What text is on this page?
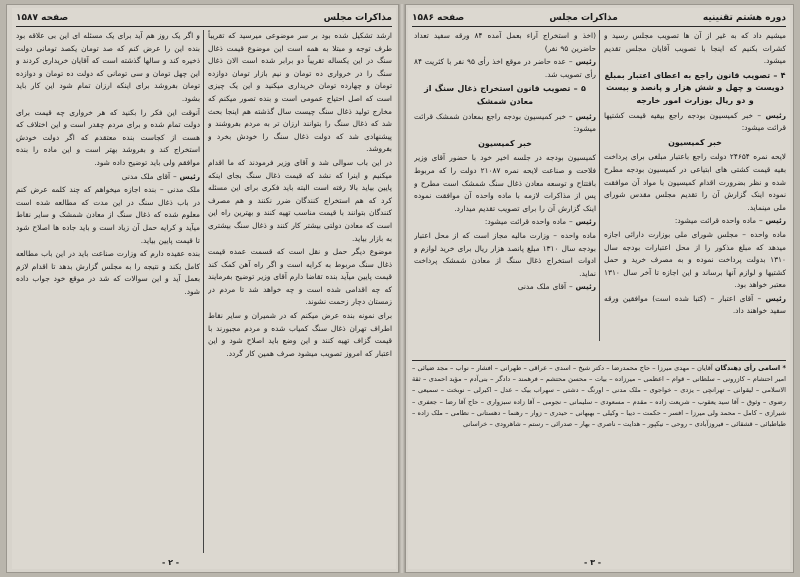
مذاکرات مجلس
صفحه ۱۵۸۷
ارشد تشکیل شده بود بر سر موضوعی میرسید که تقریباً طرف توجه و مبتلا به همه است این موضوع قیمت ذغال سنگ در این یکساله تقریباً دو برابر شده است الان ذغال سنگ را در خرواری ده تومان و نیم بازار تومان دوازده تومان و چهارده تومان خریداری میکنید و این یک چیزی است که اصل احتیاج عمومی است و بنده تصور میکنم که مخارج تولید ذغال سنگ چیست سال گذشته هم اینجا بحث شد که ذغال سنگ را بتوانند ارزان تر به مردم بفروشند و پیشنهادی شد که دولت ذغال سنگ را خودش بخرد و بفروشد.
در این باب سوالی شد و آقای وزیر فرمودند که ما اقدام میکنیم و اینرا که نشد که قیمت ذغال سنگ بجای اینکه پایین بیاید بالا رفته است البته باید فکری برای این مسئله کرد که هم استخراج کنندگان ضرر نکنند و هم مصرف کنندگان بتوانند با قیمت مناسب تهیه کنند و بهترین راه این است که معادن دولتی بیشتر کار کنند و ذغال سنگ بیشتری به بازار بیاید.
موضوع دیگر حمل و نقل است که قسمت عمده قیمت ذغال سنگ مربوط به کرایه است و اگر راه آهن کمک کند قیمت پایین میآید بنده تقاضا دارم آقای وزیر توضیح بفرمایند که چه اقدامی شده است و چه خواهد شد تا مردم در زمستان دچار زحمت نشوند.
برای نمونه بنده عرض میکنم که در شمیران و سایر نقاط اطراف تهران ذغال سنگ کمیاب شده و مردم مجبورند با قیمت گزاف تهیه کنند و این وضع باید اصلاح شود و این اعتبار که امروز تصویب میشود صرف همین کار گردد.
و اگر یک روز هم آید برای یک مسئله ای این بی علاقه بود بنده این را عرض کنم که صد تومان یکصد تومانی دولت ذخیره کند و سالها گذشته است که آقایان خریداری کردند و این چهل تومان و سی تومانی که دولت ده تومان و دوازده تومان بفروشد برای اینکه ارزان تمام شود این کار باید بشود.
آنوقت این فکر را بکنید که هر خرواری چه قیمت برای دولت تمام شده و برای مردم چقدر است و این اختلاف که هست از کجاست بنده معتقدم که اگر دولت خودش استخراج کند و بفروشد بهتر است و این ماده را بنده موافقم ولی باید توضیح داده شود.
رئیس – آقای ملک مدنی
ملک مدنی – بنده اجازه میخواهم که چند کلمه عرض کنم در باب ذغال سنگ در این مدت که مطالعه شده است معلوم شده که ذغال سنگ از معادن شمشک و سایر نقاط میآید و کرایه حمل آن زیاد است و باید جاده ها اصلاح شود تا قیمت پایین بیاید.
بنده عقیده دارم که وزارت صناعت باید در این باب مطالعه کامل بکند و نتیجه را به مجلس گزارش بدهد تا اقدام لازم بعمل آید و این سوالات که شد در موقع خود جواب داده شود.
- ۲ -
دوره هشتم تقنینیه
مذاکرات مجلس
صفحه ۱۵۸۶
میشیم داد که به غیر از آن ها تصویب مجلس رسید و کشرات بکنیم که اینجا با تصویب آقایان مجلس تقدیم میشود.
۴ – تصویب قانون راجع به اعطای اعتبار بمبلغ دویست و چهل و شش هزار و پانصد و بیست و دو ریال بوزارت امور خارجه
رئیس – خبر کمیسیون بودجه راجع بیقیه قیمت کشتیها قرائت میشود:
خبر کمیسیون
لایحه نمره ۲۴۶۵۴ دولت راجع باعتبار مبلغی برای پرداخت بقیه قیمت کشتی های ابتیاعی در کمیسیون بودجه مطرح شده و نظر بضرورت اقدام کمیسیون با مواد آن موافقت نموده اینک گزارش آن را تقدیم مجلس مقدس شورای ملی مینماید.
رئیس – ماده واحده قرائت میشود:
ماده واحده – مجلس شورای ملی بوزارت دارائی اجازه میدهد که مبلغ مذکور را از محل اعتبارات بودجه سال ۱۳۱۰ بدولت پرداخت نموده و به مصرف خرید و حمل کشتیها و لوازم آنها برساند و این اجازه تا آخر سال ۱۳۱۰ معتبر خواهد بود.
رئیس – آقای اعتبار – (کتبا شده است) موافقین ورقه سفید خواهند داد.
(اخذ و استخراج آراء بعمل آمده ۸۴ ورقه سفید تعداد حاضرین ۹۵ نفر)
رئیس – عده حاضر در موقع اخذ رأی ۹۵ نفر با کثریت ۸۴ رأی تصویب شد.
۵ – تصویب قانون استخراج ذغال سنگ از معادن شمشک
رئیس – خبر کمیسیون بودجه راجع بمعادن شمشک قرائت میشود:
خبر کمیسیون
کمیسیون بودجه در جلسه اخیر خود با حضور آقای وزیر فلاحت و صناعت لایحه نمره ۲۱۰۸۷ دولت را که مربوط بافتتاح و توسعه معادن ذغال سنگ شمشک است مطرح و پس از مذاکرات لازمه با ماده واحده آن موافقت نموده اینک گزارش آن را برای تصویب تقدیم میدارد.
رئیس – ماده واحده قرائت میشود:
ماده واحده – وزارت مالیه مجاز است که از محل اعتبار بودجه سال ۱۳۱۰ مبلغ پانصد هزار ریال برای خرید لوازم و ادوات استخراج ذغال سنگ از معادن شمشک پرداخت نماید.
رئیس – آقای ملک مدنی
* اسامی رأی دهندگان آقایان – مهدی میرزا – حاج محمدرضا – دکتر شیخ – اسدی – عراقی – طهرانی – افشار – نواب – مجد ضیائی – امیر احتشام – کازرونی – سلطانی – قوام – اعظمی – میرزاده – بیات – محسن محتشم – فرهمند – دادگر – بنی‌آدم – مؤید احمدی – ثقة الاسلامی – لیقوانی – تهرانچی – یزدی – خواجوی – ملک مدنی – اورنگ – دشتی – سهراب بیک – عدل – اکبرلی – نوبخت – سمیعی – رضوی – وثوق – آقا سید یعقوب – شریعت زاده – مقدم – مسعودی – سلیمانی – نجومی – آقا زاده سبزواری – حاج آقا رضا – جعفری – شیرازی – کامل – محمد ولی میرزا – افسر – حکمت – دیبا – وکیلی – بهبهانی – حیدری – زوار – رهنما – دهستانی – نظامی – ملک زاده – طباطبائی – قشقائی – فیروزآبادی – روحی – نیکپور – هدایت – ناصری – بهار – صدرائی – رستم – شاهرودی – خراسانی
- ۳ -
